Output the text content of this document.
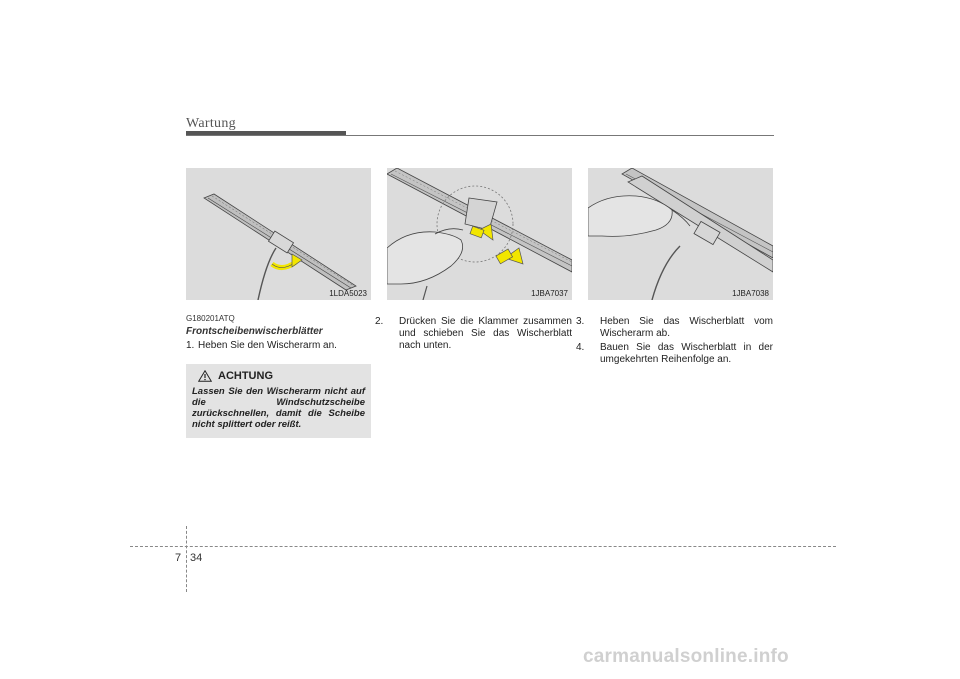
Wartung
1LDA5023	1JBA7037	1JBA7038
G180201ATQ
Frontscheibenwischerblätter
1. Heben Sie den Wischerarm an.
2. Drücken Sie die Klammer zusammen und schieben Sie das Wischerblatt nach unten.
3. Heben Sie das Wischerblatt vom Wischerarm ab.
4. Bauen Sie das Wischerblatt in der umgekehrten Reihenfolge an.
ACHTUNG
Lassen Sie den Wischerarm nicht auf die Windschutzscheibe zurückschnellen, damit die Scheibe nicht splittert oder reißt.
7 34
carmanualsonline.info
